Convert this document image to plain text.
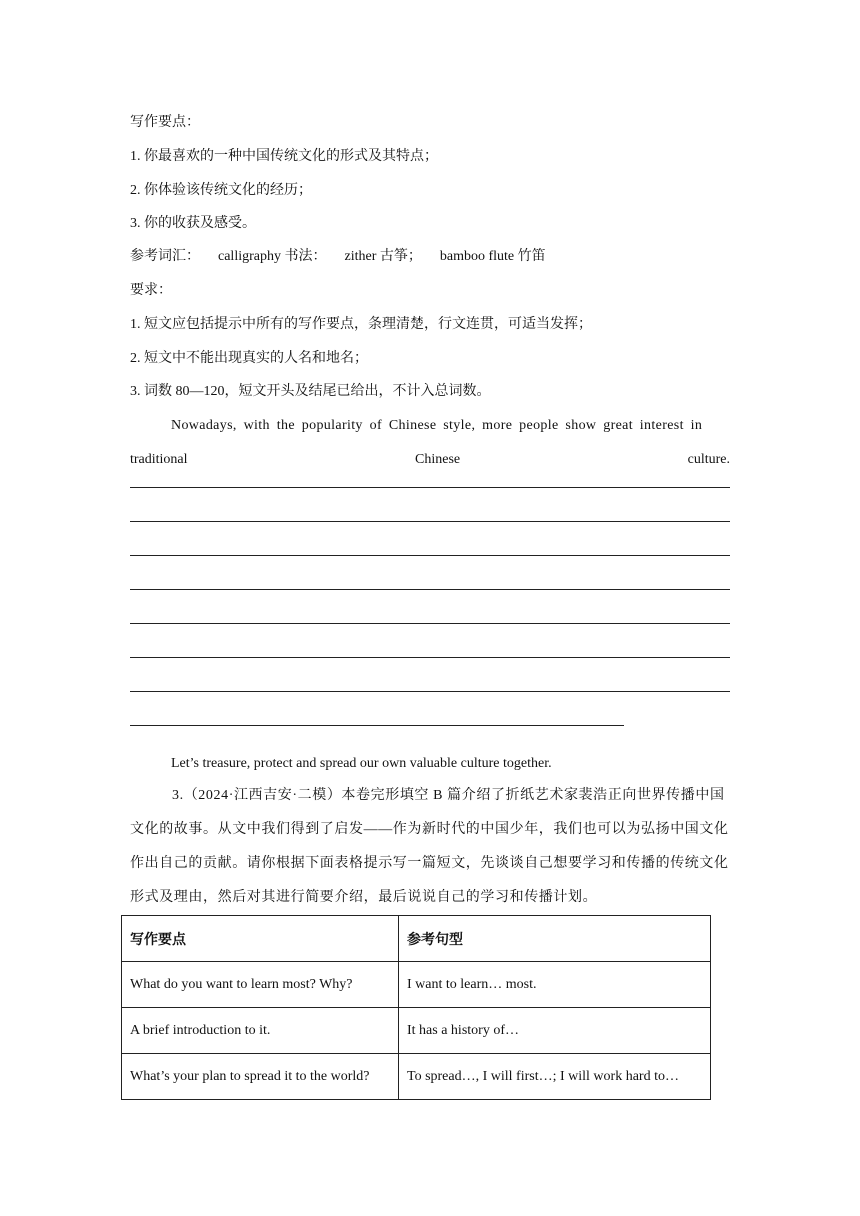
写作要点：
1. 你最喜欢的一种中国传统文化的形式及其特点；
2. 你体验该传统文化的经历；
3. 你的收获及感受。
参考词汇： calligraphy 书法： zither 古筝； bamboo flute 竹笛
要求：
1. 短文应包括提示中所有的写作要点，条理清楚，行文连贯，可适当发挥；
2. 短文中不能出现真实的人名和地名；
3. 词数 80—120，短文开头及结尾已给出，不计入总词数。
Nowadays, with the popularity of Chinese style, more people show great interest in
traditional	Chinese	culture.
Let’s treasure, protect and spread our own valuable culture together.
3.（2024·江西吉安·二模）本卷完形填空 B 篇介绍了折纸艺术家裴浩正向世界传播中国文化的故事。从文中我们得到了启发——作为新时代的中国少年，我们也可以为弘扬中国文化作出自己的贡献。请你根据下面表格提示写一篇短文，先谈谈自己想要学习和传播的传统文化形式及理由，然后对其进行简要介绍，最后说说自己的学习和传播计划。
写作要点	参考句型
What do you want to learn most? Why?	I want to learn… most.
A brief introduction to it.	It has a history of…
What’s your plan to spread it to the world?	To spread…, I will first…; I will work hard to…
